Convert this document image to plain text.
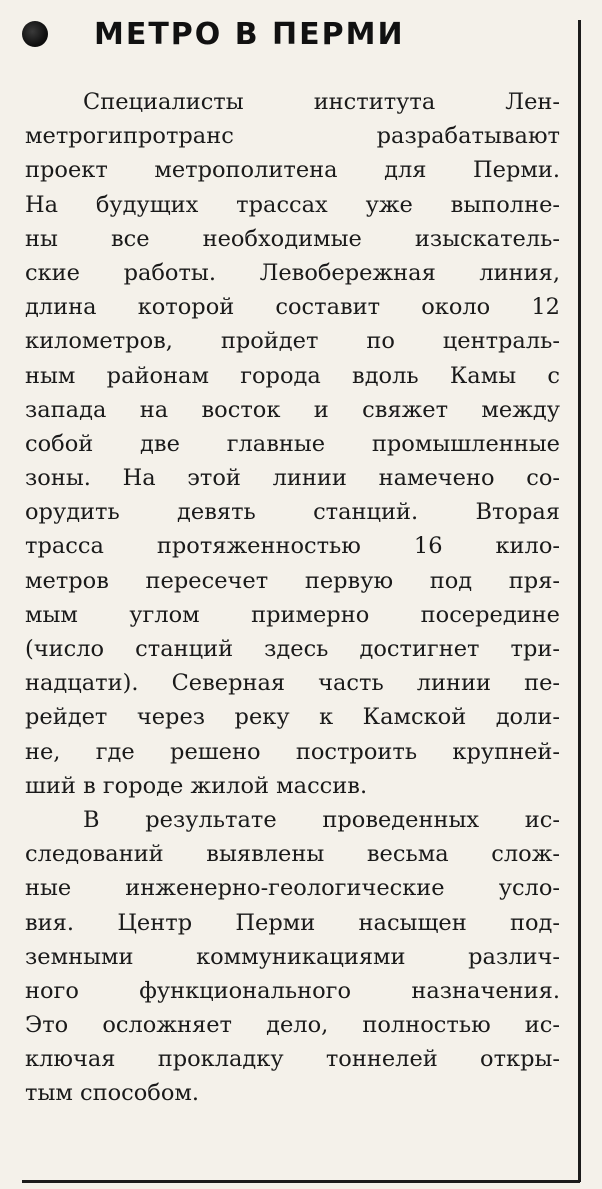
МЕТРО В ПЕРМИ
Специалисты института Лен-
метрогипротранс разрабатывают
проект метрополитена для Перми.
На будущих трассах уже выполне-
ны все необходимые изыскатель-
ские работы. Левобережная линия,
длина которой составит около 12
километров, пройдет по централь-
ным районам города вдоль Камы с
запада на восток и свяжет между
собой две главные промышленные
зоны. На этой линии намечено со-
орудить девять станций. Вторая
трасса протяженностью 16 кило-
метров пересечет первую под пря-
мым углом примерно посередине
(число станций здесь достигнет три-
надцати). Северная часть линии пе-
рейдет через реку к Камской доли-
не, где решено построить крупней-
ший в городе жилой массив.
В результате проведенных ис-
следований выявлены весьма слож-
ные инженерно-геологические усло-
вия. Центр Перми насыщен под-
земными коммуникациями различ-
ного функционального назначения.
Это осложняет дело, полностью ис-
ключая прокладку тоннелей откры-
тым способом.
